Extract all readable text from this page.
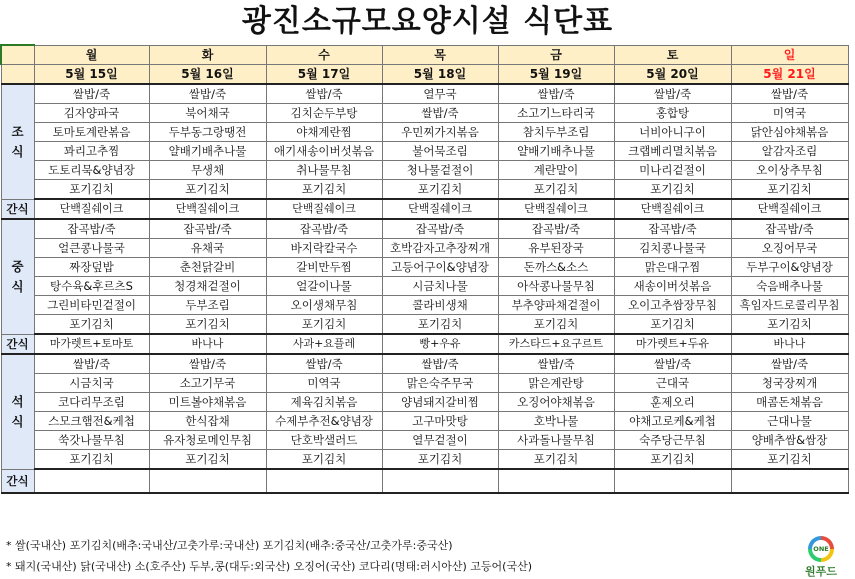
광진소규모요양시설 식단표
	월	화	수	목	금	토	일
	5월 15일	5월 16일	5월 17일	5월 18일	5월 19일	5월 20일	5월 21일

조
식	쌀밥/죽	쌀밥/죽	쌀밥/죽	열무국	쌀밥/죽	쌀밥/죽	쌀밥/죽
	김자양파국	북어채국	김치순두부탕	쌀밥/죽	소고기느타리국	홍합탕	미역국
	토마토계란볶음	두부동그랑땡전	야채계란찜	우민찌가지볶음	참치두부조림	너비아니구이	닭안심야채볶음
	꽈리고추찜	얄배기배추나물	애기새송이버섯볶음	불어묵조림	얄배기배추나물	크랩베리멸치볶음	알감자조림
	도토리묵&양념장	무생채	취나물무침	청나물겉절이	계란말이	미나리겉절이	오이상추무침
	포기김치	포기김치	포기김치	포기김치	포기김치	포기김치	포기김치
간식	단백질쉐이크	단백질쉐이크	단백질쉐이크	단백질쉐이크	단백질쉐이크	단백질쉐이크	단백질쉐이크

중
식	잡곡밥/죽	잡곡밥/죽	잡곡밥/죽	잡곡밥/죽	잡곡밥/죽	잡곡밥/죽	잡곡밥/죽
	얼큰콩나물국	유채국	바지락칼국수	호박감자고추장찌개	유부된장국	김치콩나물국	오징어무국
	짜장덮밥	춘천닭갈비	갈비만두찜	고등어구이&양념장	돈까스&소스	맑은대구찜	두부구이&양념장
	탕수육&후르츠S	청경채겉절이	얼갈이나물	시금치나물	아삭콩나물무침	새송이버섯볶음	숙음배추나물
	그린비타민겉절이	두부조림	오이생채무침	콜라비생채	부추양파채겉절이	오이고추쌈장무침	흑임자드로콜리무침
	포기김치	포기김치	포기김치	포기김치	포기김치	포기김치	포기김치
간식	마가렛트+토마토	바나나	사과+요플레	빵+우유	카스타드+요구르트	마가렛트+두유	바나나

석
식	쌀밥/죽	쌀밥/죽	쌀밥/죽	쌀밥/죽	쌀밥/죽	쌀밥/죽	쌀밥/죽
	시금치국	소고기무국	미역국	맑은숙주무국	맑은계란탕	근대국	청국장찌개
	코다리무조림	미트볼야채볶음	제육김치볶음	양념돼지갈비찜	오징어야채볶음	훈제오리	매콤돈채볶음
	스모크햄전&케첩	한식잡채	수제부추전&양념장	고구마맛탕	호박나물	야채고로케&케첩	근대나물
	쑥갓나물무침	유자청로메인무침	단호박샐러드	열무겉절이	사과돌나물무침	숙주당근무침	양배추쌈&쌈장
	포기김치	포기김치	포기김치	포기김치	포기김치	포기김치	포기김치
간식							
* 쌀(국내산) 포기김치(배추:국내산/고춧가루:국내산) 포기김치(배추:중국산/고춧가루:중국산)
* 돼지(국내산) 닭(국내산) 소(호주산) 두부,콩(대두:외국산) 오징어(국산) 코다리(명태:러시아산) 고등어(국산)
ONE
원푸드
